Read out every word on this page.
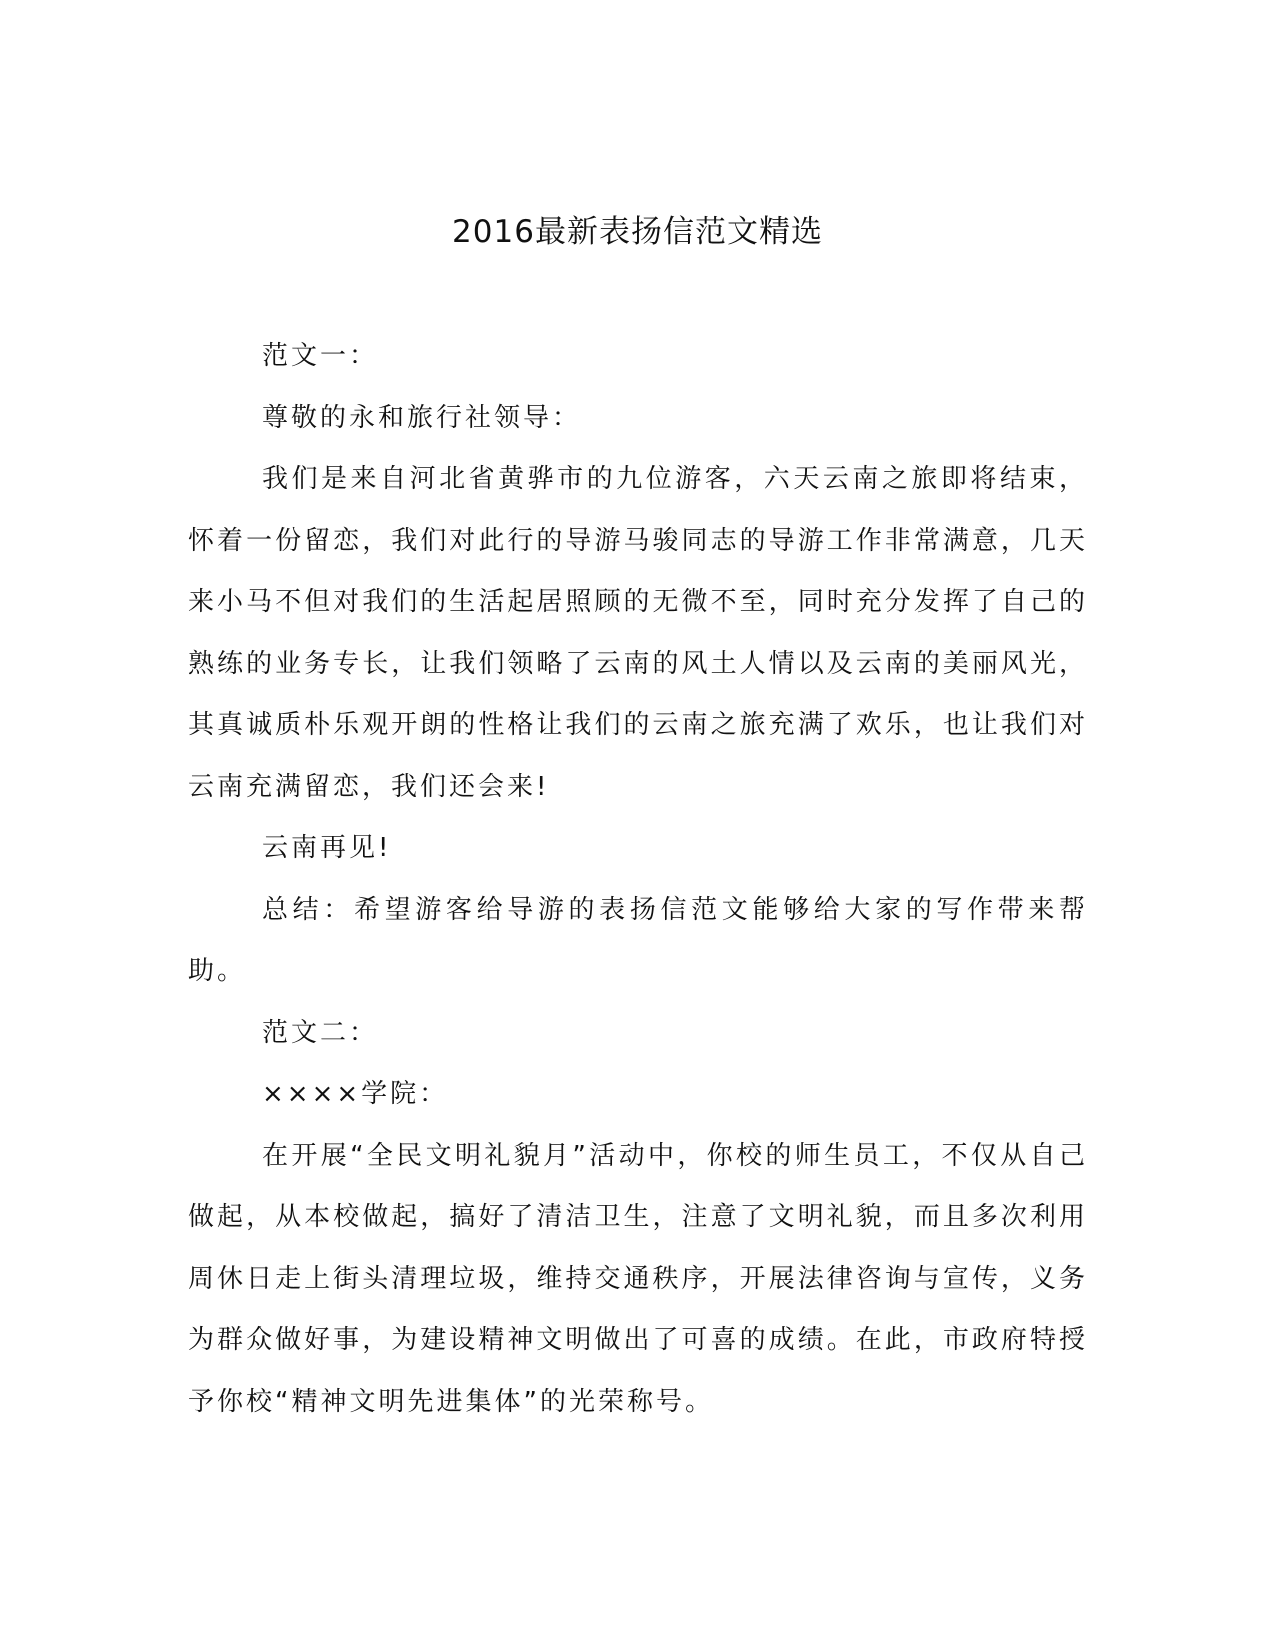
2016最新表扬信范文精选

范文一：

尊敬的永和旅行社领导：

我们是来自河北省黄骅市的九位游客，六天云南之旅即将结束，怀着一份留恋，我们对此行的导游马骏同志的导游工作非常满意，几天来小马不但对我们的生活起居照顾的无微不至，同时充分发挥了自己的熟练的业务专长，让我们领略了云南的风土人情以及云南的美丽风光，其真诚质朴乐观开朗的性格让我们的云南之旅充满了欢乐，也让我们对云南充满留恋，我们还会来!

云南再见!

总结：希望游客给导游的表扬信范文能够给大家的写作带来帮助。

范文二：

××××学院：

在开展“全民文明礼貌月”活动中，你校的师生员工，不仅从自己做起，从本校做起，搞好了清洁卫生，注意了文明礼貌，而且多次利用周休日走上街头清理垃圾，维持交通秩序，开展法律咨询与宣传，义务为群众做好事，为建设精神文明做出了可喜的成绩。在此，市政府特授予你校“精神文明先进集体”的光荣称号。
